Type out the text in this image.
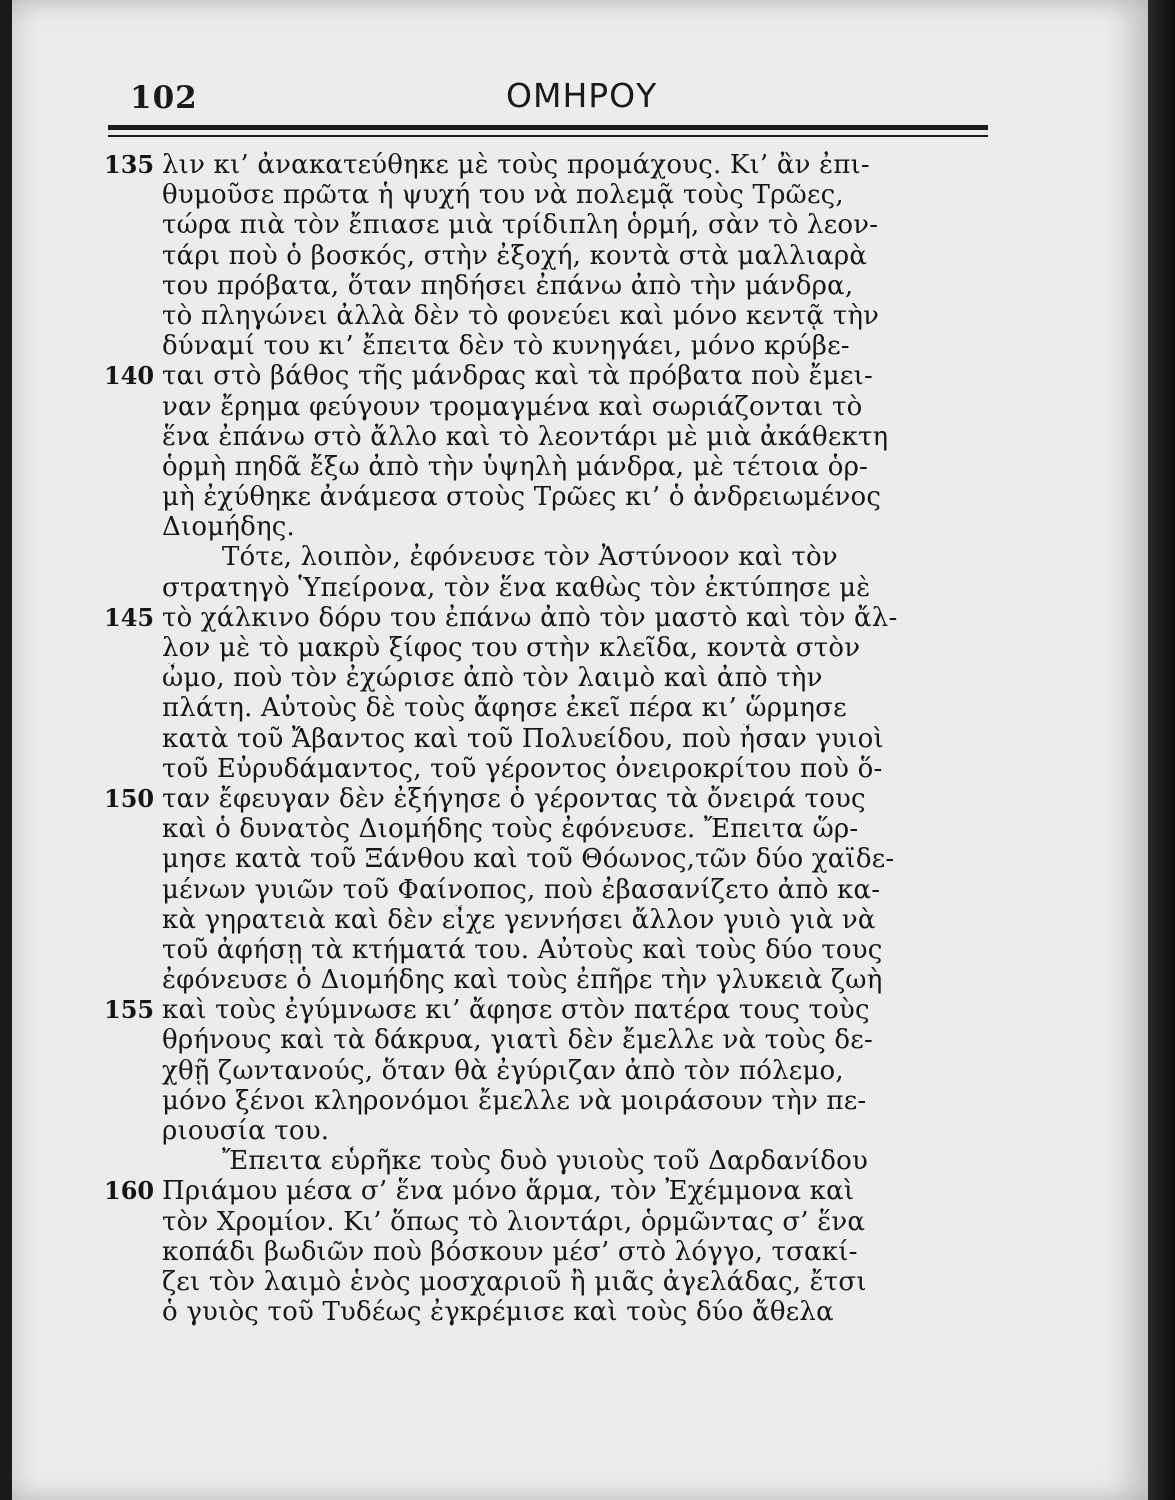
102	ΟΜΗΡΟΥ
135 λιν κι’ ἀνακατεύθηκε μὲ τοὺς προμάχους. Κι’ ἂν ἐπι-
θυμοῦσε πρῶτα ἡ ψυχή του νὰ πολεμᾷ τοὺς Τρῶες,
τώρα πιὰ τὸν ἔπιασε μιὰ τρίδιπλη ὁρμή, σὰν τὸ λεον-
τάρι ποὺ ὁ βοσκός, στὴν ἐξοχή, κοντὰ στὰ μαλλιαρὰ
του πρόβατα, ὅταν πηδήσει ἐπάνω ἀπὸ τὴν μάνδρα,
τὸ πληγώνει ἀλλὰ δὲν τὸ φονεύει καὶ μόνο κεντᾷ τὴν
δύναμί του κι’ ἔπειτα δὲν τὸ κυνηγάει, μόνο κρύβε-
140 ται στὸ βάθος τῆς μάνδρας καὶ τὰ πρόβατα ποὺ ἔμει-
ναν ἔρημα φεύγουν τρομαγμένα καὶ σωριάζονται τὸ
ἕνα ἐπάνω στὸ ἄλλο καὶ τὸ λεοντάρι μὲ μιὰ ἀκάθεκτη
ὁρμὴ πηδᾶ ἔξω ἀπὸ τὴν ὑψηλὴ μάνδρα, μὲ τέτοια ὁρ-
μὴ ἐχύθηκε ἀνάμεσα στοὺς Τρῶες κι’ ὁ ἀνδρειωμένος
Διομήδης.
Τότε, λοιπὸν, ἐφόνευσε τὸν Ἀστύνοον καὶ τὸν
στρατηγὸ Ὑπείρονα, τὸν ἕνα καθὼς τὸν ἐκτύπησε μὲ
145 τὸ χάλκινο δόρυ του ἐπάνω ἀπὸ τὸν μαστὸ καὶ τὸν ἄλ-
λον μὲ τὸ μακρὺ ξίφος του στὴν κλεῖδα, κοντὰ στὸν
ὦμο, ποὺ τὸν ἐχώρισε ἀπὸ τὸν λαιμὸ καὶ ἀπὸ τὴν
πλάτη. Αὐτοὺς δὲ τοὺς ἄφησε ἐκεῖ πέρα κι’ ὥρμησε
κατὰ τοῦ Ἄβαντος καὶ τοῦ Πολυείδου, ποὺ ἦσαν γυιοὶ
τοῦ Εὐρυδάμαντος, τοῦ γέροντος ὀνειροκρίτου ποὺ ὅ-
150 ταν ἔφευγαν δὲν ἐξήγησε ὁ γέροντας τὰ ὄνειρά τους
καὶ ὁ δυνατὸς Διομήδης τοὺς ἐφόνευσε. Ἔπειτα ὥρ-
μησε κατὰ τοῦ Ξάνθου καὶ τοῦ Θόωνος,τῶν δύο χαϊδε-
μένων γυιῶν τοῦ Φαίνοπος, ποὺ ἐβασανίζετο ἀπὸ κα-
κὰ γηρατειὰ καὶ δὲν εἶχε γεννήσει ἄλλον γυιὸ γιὰ νὰ
τοῦ ἀφήσῃ τὰ κτήματά του. Αὐτοὺς καὶ τοὺς δύο τους
ἐφόνευσε ὁ Διομήδης καὶ τοὺς ἐπῆρε τὴν γλυκειὰ ζωὴ
155 καὶ τοὺς ἐγύμνωσε κι’ ἄφησε στὸν πατέρα τους τοὺς
θρήνους καὶ τὰ δάκρυα, γιατὶ δὲν ἔμελλε νὰ τοὺς δε-
χθῇ ζωντανούς, ὅταν θὰ ἐγύριζαν ἀπὸ τὸν πόλεμο,
μόνο ξένοι κληρονόμοι ἔμελλε νὰ μοιράσουν τὴν πε-
ριουσία του.
Ἔπειτα εὗρῆκε τοὺς δυὸ γυιοὺς τοῦ Δαρδανίδου
160 Πριάμου μέσα σ’ ἕνα μόνο ἅρμα, τὸν Ἐχέμμονα καὶ
τὸν Χρομίον. Κι’ ὅπως τὸ λιοντάρι, ὁρμῶντας σ’ ἕνα
κοπάδι βωδιῶν ποὺ βόσκουν μέσ’ στὸ λόγγο, τσακί-
ζει τὸν λαιμὸ ἑνὸς μοσχαριοῦ ἢ μιᾶς ἀγελάδας, ἔτσι
ὁ γυιὸς τοῦ Τυδέως ἐγκρέμισε καὶ τοὺς δύο ἄθελα
